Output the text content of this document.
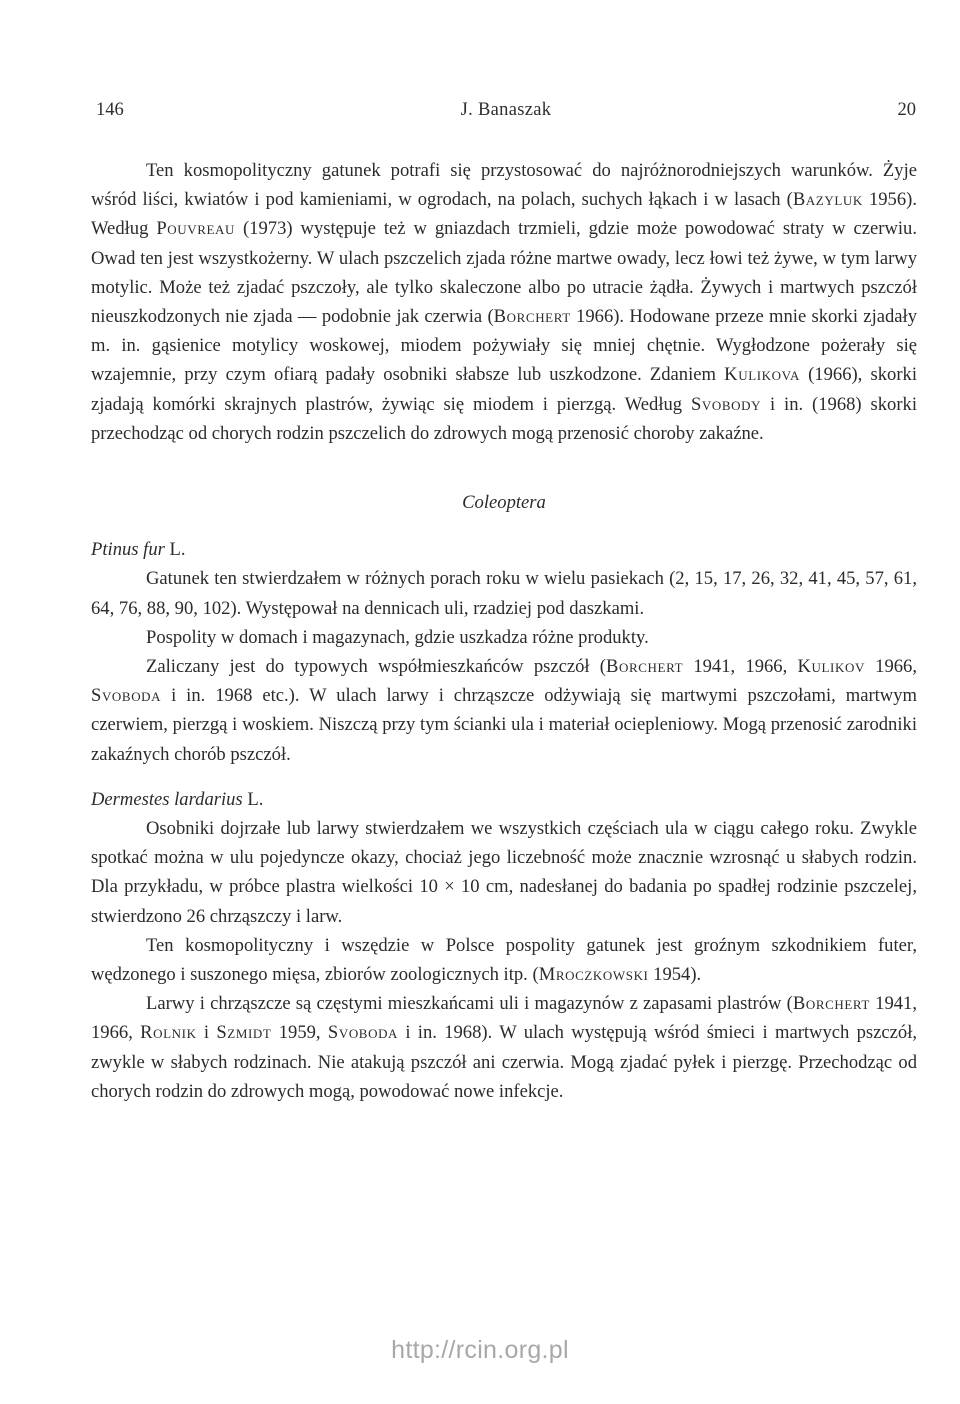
146	J. Banaszak	20

Ten kosmopolityczny gatunek potrafi się przystosować do najróżnorodniejszych warunków. Żyje wśród liści, kwiatów i pod kamieniami, w ogrodach, na polach, suchych łąkach i w lasach (Bazyluk 1956). Według Pouvreau (1973) występuje też w gniazdach trzmieli, gdzie może powodować straty w czerwiu. Owad ten jest wszystkożerny. W ulach pszczelich zjada różne martwe owady, lecz łowi też żywe, w tym larwy motylic. Może też zjadać pszczoły, ale tylko skaleczone albo po utracie żądła. Żywych i martwych pszczół nieuszkodzonych nie zjada — podobnie jak czerwia (Borchert 1966). Hodowane przeze mnie skorki zjadały m. in. gąsienice motylicy woskowej, miodem pożywiały się mniej chętnie. Wygłodzone pożerały się wzajemnie, przy czym ofiarą padały osobniki słabsze lub uszkodzone. Zdaniem Kulikova (1966), skorki zjadają komórki skrajnych plastrów, żywiąc się miodem i pierzgą. Według Svobody i in. (1968) skorki przechodząc od chorych rodzin pszczelich do zdrowych mogą przenosić choroby zakaźne.

Coleoptera

Ptinus fur L.

Gatunek ten stwierdzałem w różnych porach roku w wielu pasiekach (2, 15, 17, 26, 32, 41, 45, 57, 61, 64, 76, 88, 90, 102). Występował na dennicach uli, rzadziej pod daszkami.

Pospolity w domach i magazynach, gdzie uszkadza różne produkty.

Zaliczany jest do typowych współmieszkańców pszczół (Borchert 1941, 1966, Kulikov 1966, Svoboda i in. 1968 etc.). W ulach larwy i chrząszcze odżywiają się martwymi pszczołami, martwym czerwiem, pierzgą i woskiem. Niszczą przy tym ścianki ula i materiał ociepleniowy. Mogą przenosić zarodniki zakaźnych chorób pszczół.

Dermestes lardarius L.

Osobniki dojrzałe lub larwy stwierdzałem we wszystkich częściach ula w ciągu całego roku. Zwykle spotkać można w ulu pojedyncze okazy, chociaż jego liczebność może znacznie wzrosnąć u słabych rodzin. Dla przykładu, w próbce plastra wielkości 10 × 10 cm, nadesłanej do badania po spadłej rodzinie pszczelej, stwierdzono 26 chrząszczy i larw.

Ten kosmopolityczny i wszędzie w Polsce pospolity gatunek jest groźnym szkodnikiem futer, wędzonego i suszonego mięsa, zbiorów zoologicznych itp. (Mroczkowski 1954).

Larwy i chrząszcze są częstymi mieszkańcami uli i magazynów z zapasami plastrów (Borchert 1941, 1966, Rolnik i Szmidt 1959, Svoboda i in. 1968). W ulach występują wśród śmieci i martwych pszczół, zwykle w słabych rodzinach. Nie atakują pszczół ani czerwia. Mogą zjadać pyłek i pierzgę. Przechodząc od chorych rodzin do zdrowych mogą, powodować nowe infekcje.

http://rcin.org.pl
